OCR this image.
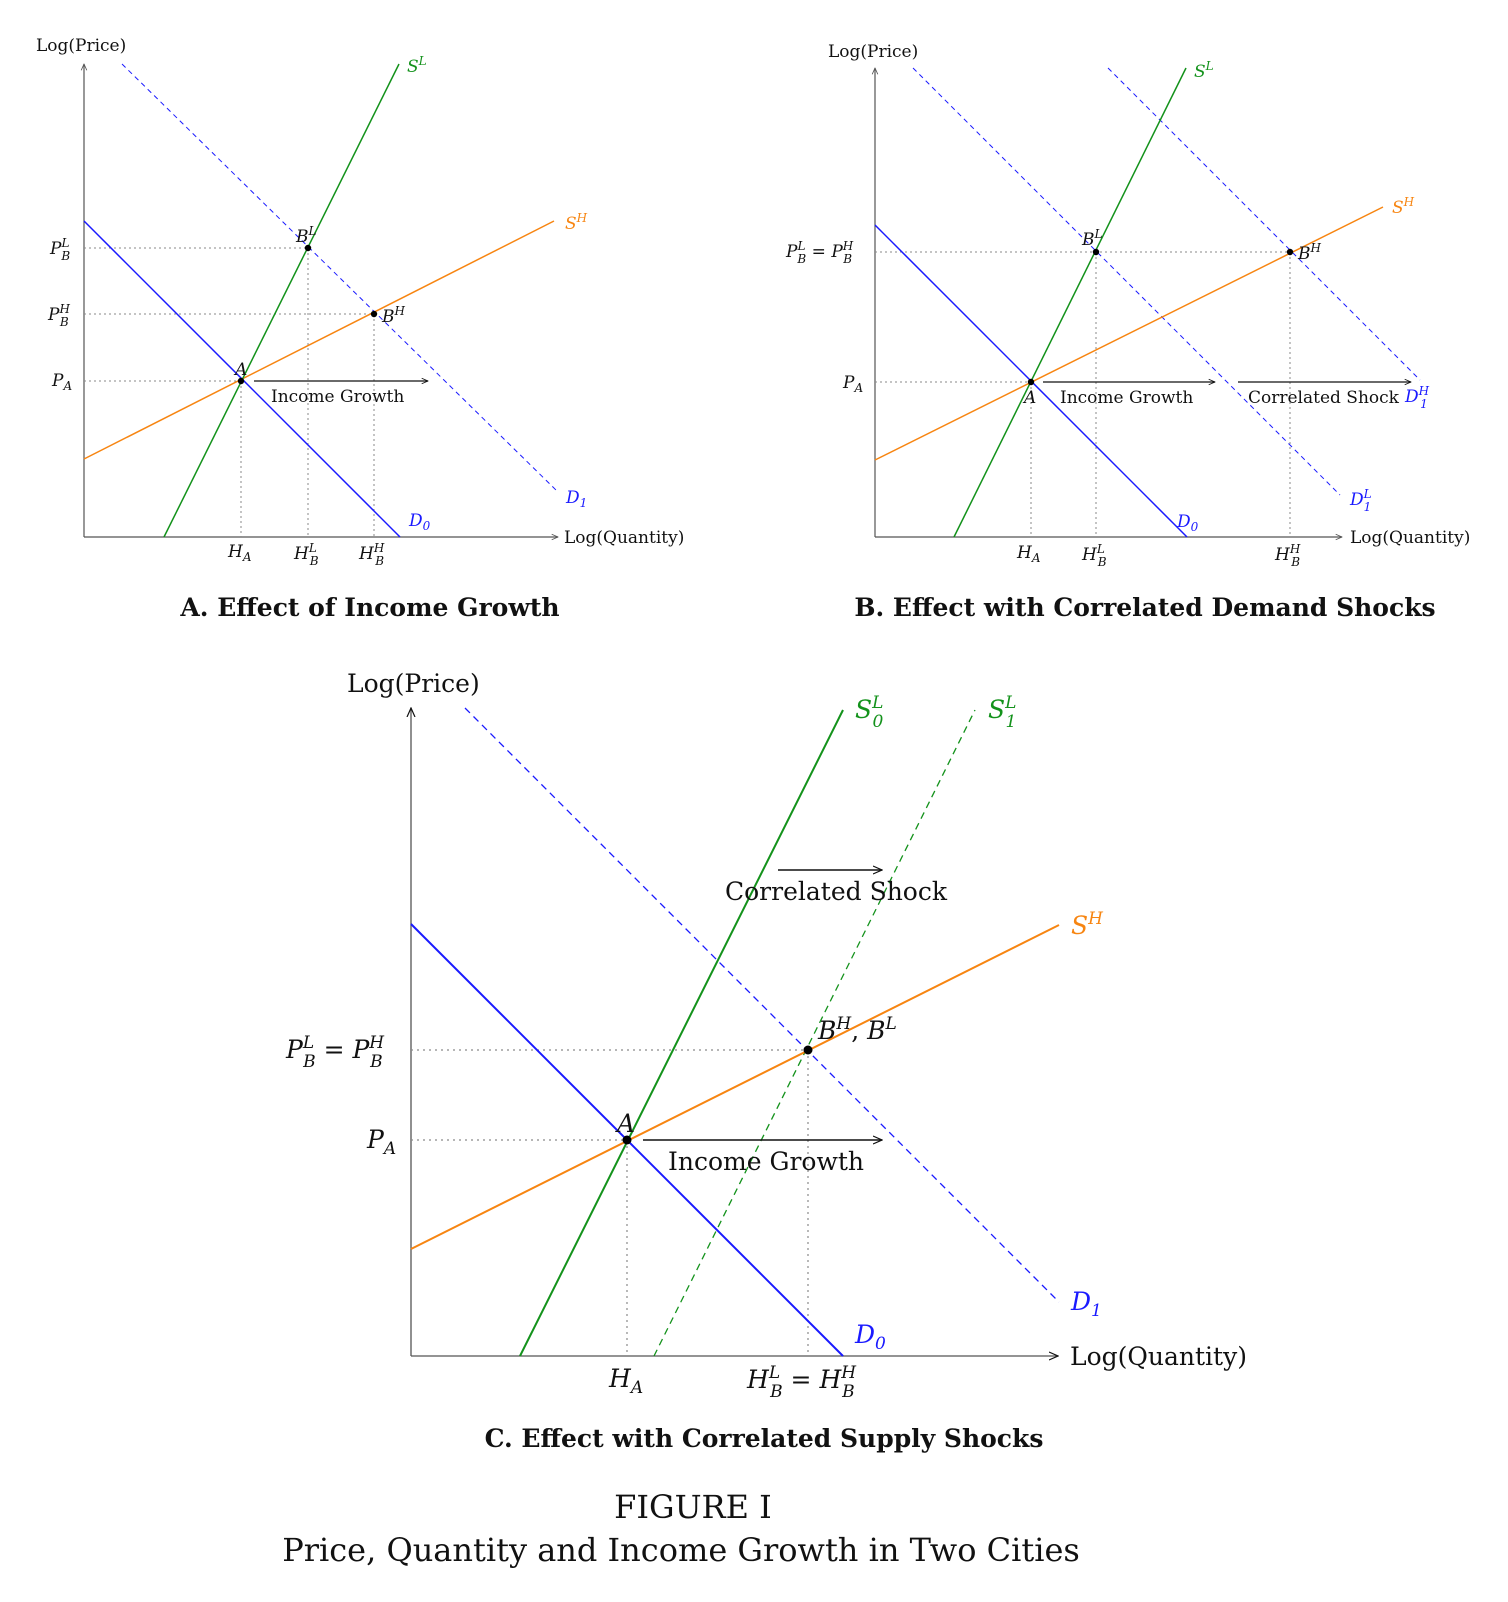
Log(Price)
Log(Quantity)
Income Growth
$S^L$
$S^H$
$D_0$
$D_1$
A
$B^L$
$B^H$
$P^L$ B
$P^H$ B
$P_A$
$H_A$	$H^L$ B $H^H$ B
A. Effect of Income Growth
Log(Price)
Log(Quantity)
Income Growth	Correlated Shock
$S^L$
$S^H$
$D_0$
$D^L$ 1
$D^H$ 1
A
$B^L$
$B^H$
$P^L$ $B = P^H$ B
$P_A$
$H_A$ $H^L$ B	$H^H$ B
B. Effect with Correlated Demand Shocks
Log(Price)
Log(Quantity)
Income Growth
Correlated Shock
$S^L$ 0	$S^L$ 1
$S^H$
$D_0$
$D_1$
A
$B^H$, $B^L$
$P^L$ $B = P^H$ B
$P_A$
$H_A$	$H^L$ $B = H^H$ B
C. Effect with Correlated Supply Shocks
FIGURE I
Price, Quantity and Income Growth in Two Cities
